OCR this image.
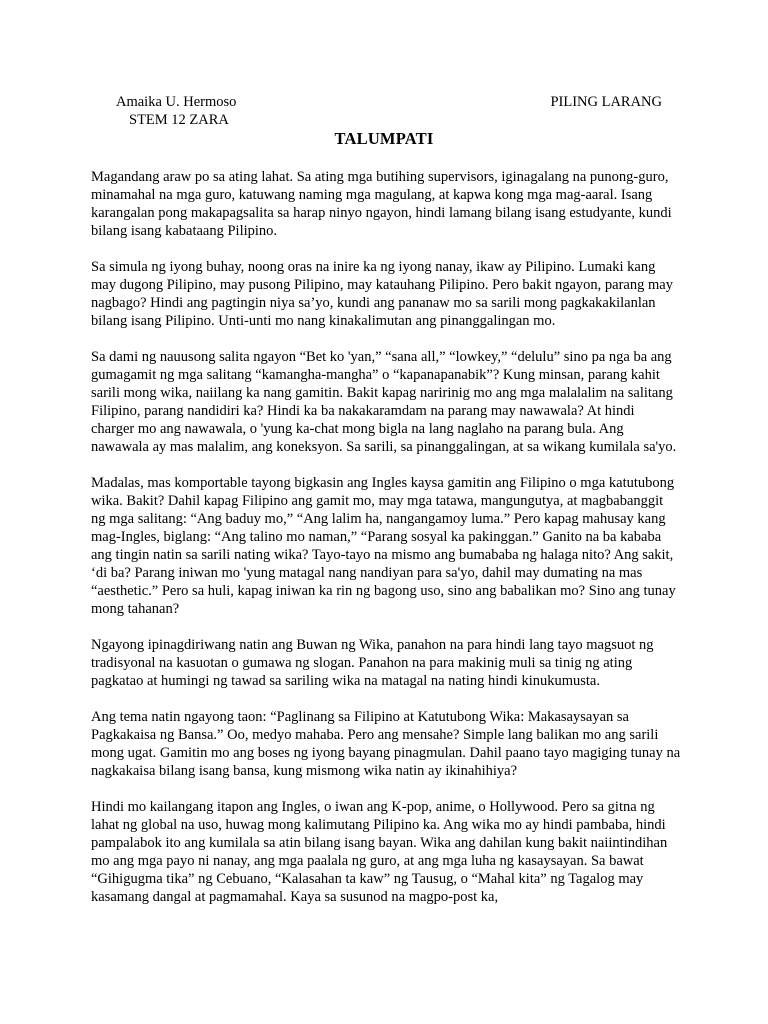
Amaika U. Hermoso
STEM 12 ZARA
PILING LARANG
TALUMPATI

Magandang araw po sa ating lahat. Sa ating mga butihing supervisors, iginagalang na punong-guro, minamahal na mga guro, katuwang naming mga magulang, at kapwa kong mga mag-aaral. Isang karangalan pong makapagsalita sa harap ninyo ngayon, hindi lamang bilang isang estudyante, kundi bilang isang kabataang Pilipino.

Sa simula ng iyong buhay, noong oras na inire ka ng iyong nanay, ikaw ay Pilipino. Lumaki kang may dugong Pilipino, may pusong Pilipino, may katauhang Pilipino. Pero bakit ngayon, parang may nagbago? Hindi ang pagtingin niya sa’yo, kundi ang pananaw mo sa sarili mong pagkakakilanlan bilang isang Pilipino. Unti-unti mo nang kinakalimutan ang pinanggalingan mo.

Sa dami ng nauusong salita ngayon “Bet ko 'yan,” “sana all,” “lowkey,” “delulu” sino pa nga ba ang gumagamit ng mga salitang “kamangha-mangha” o “kapanapanabik”? Kung minsan, parang kahit sarili mong wika, naiilang ka nang gamitin. Bakit kapag naririnig mo ang mga malalalim na salitang Filipino, parang nandidiri ka? Hindi ka ba nakakaramdam na parang may nawawala? At hindi charger mo ang nawawala, o 'yung ka-chat mong bigla na lang naglaho na parang bula. Ang nawawala ay mas malalim, ang koneksyon. Sa sarili, sa pinanggalingan, at sa wikang kumilala sa'yo.

Madalas, mas komportable tayong bigkasin ang Ingles kaysa gamitin ang Filipino o mga katutubong wika. Bakit? Dahil kapag Filipino ang gamit mo, may mga tatawa, mangungutya, at magbabanggit ng mga salitang: “Ang baduy mo,” “Ang lalim ha, nangangamoy luma.” Pero kapag mahusay kang mag-Ingles, biglang: “Ang talino mo naman,” “Parang sosyal ka pakinggan.” Ganito na ba kababa ang tingin natin sa sarili nating wika? Tayo-tayo na mismo ang bumababa ng halaga nito? Ang sakit, ‘di ba? Parang iniwan mo 'yung matagal nang nandiyan para sa'yo, dahil may dumating na mas “aesthetic.” Pero sa huli, kapag iniwan ka rin ng bagong uso, sino ang babalikan mo? Sino ang tunay mong tahanan?

Ngayong ipinagdiriwang natin ang Buwan ng Wika, panahon na para hindi lang tayo magsuot ng tradisyonal na kasuotan o gumawa ng slogan. Panahon na para makinig muli sa tinig ng ating pagkatao at humingi ng tawad sa sariling wika na matagal na nating hindi kinukumusta.

Ang tema natin ngayong taon: “Paglinang sa Filipino at Katutubong Wika: Makasaysayan sa Pagkakaisa ng Bansa.” Oo, medyo mahaba. Pero ang mensahe? Simple lang balikan mo ang sarili mong ugat. Gamitin mo ang boses ng iyong bayang pinagmulan. Dahil paano tayo magiging tunay na nagkakaisa bilang isang bansa, kung mismong wika natin ay ikinahihiya?

Hindi mo kailangang itapon ang Ingles, o iwan ang K-pop, anime, o Hollywood. Pero sa gitna ng lahat ng global na uso, huwag mong kalimutang Pilipino ka. Ang wika mo ay hindi pambaba, hindi pampalabok ito ang kumilala sa atin bilang isang bayan. Wika ang dahilan kung bakit naiintindihan mo ang mga payo ni nanay, ang mga paalala ng guro, at ang mga luha ng kasaysayan. Sa bawat “Gihigugma tika” ng Cebuano, “Kalasahan ta kaw” ng Tausug, o “Mahal kita” ng Tagalog may kasamang dangal at pagmamahal. Kaya sa susunod na magpo-post ka,
